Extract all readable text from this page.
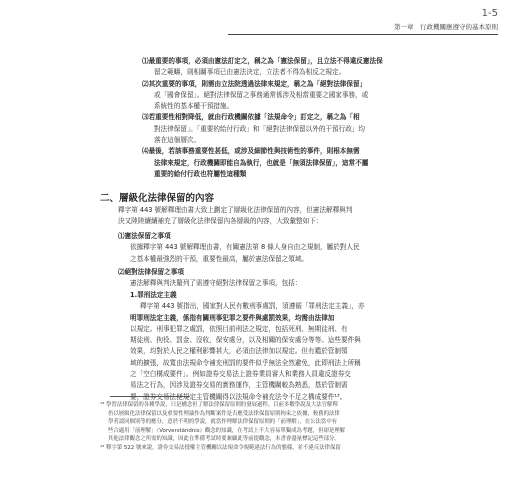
1-5
第一章　行政機關應遵守的基本原則
⑴最重要的事項，必須由憲法訂定之，稱之為「憲法保留」，且立法不得違反憲法保
留之範疇，則相關事項已由憲法決定，立法者不得為相反之規定。
⑵其次重要的事項，則需由立法院透過法律來規定，稱之為「絕對法律保留」
或「國會保留」。絕對法律保留之事務通常係涉及相當重要之國家事務，或
系統性的基本權干預措施。
⑶若重要性相對降低，就由行政機關依據「法規命令」訂定之，稱之為「相
對法律保留」。「重要的給付行政」和「絕對法律保留以外的干預行政」均
落在這個層次。
⑷最後，若該事務重要性甚低，或涉及細節性與技術性的事件，則根本無需
法律來規定，行政機關即能自為執行，也就是「無須法律保留」，這常不屬
重要的給付行政也符屬性這種類
二、層級化法律保留的內容
釋字第 443 號解釋理由書大致上劃定了層級化法律保留的內容，但憲法解釋與判
決又陸陸續續補充了層級化法律保留內各層級的內容，大致彙整如下：
⑴憲法保留之事項
依據釋字第 443 號解釋理由書，有關憲法第 8 條人身自由之規制，屬於對人民
之基本權最強烈的干預，重要性最高，屬於憲法保留之領域。
⑵絕對法律保留之事項
憲法解釋與判決釐列了需遵守絕對法律保留之事項，包括：
1.罪刑法定主義
釋字第 443 號指出，國家對人民有數刑事處罰，須遵循「罪刑法定主義」，亦
明罪刑法定主義，係指有關刑事犯罪之要件與處罰效果，均需由法律加
以規定。刑事犯罪之處罰，依照目前刑法之規定，包括死刑、無期徒刑、有
期徒刑、拘役、罰金、沒收，保安處分，以及相關的保安處分等等。這些要件與
效果，均對於人民之權利影響甚大，必須由法律加以規定。但有鑑於管制領
域的擴張，故寬由法規命令補充刑罰的要件似乎無法全然避免，此即刑法上所稱
之「空白構成要件」。例如證券交易法上證券業員審人和業務人員違反證券交
易法之行為，因涉及證券交易的實務運作，主管機關較為熟悉，基於管制需
要，證券交易法便規定主管機關得以法規命令補充法令不足之構成要件¹³。
¹³ 學習法律保留的各種學說，只是構念但了解法律保留原則的發展過程。目前多數學說及大法官解釋
仍以層級化法律保留以及重要性理論作為判斷案件是否應受法律保留原則拘束之依據，較舊的法律
學者認同個別等的應分，意於不明的學說，就當作理解法律保留原則的「前理解」，在公法當中有
些合適用「前理解」（Vorverständnis）觀念的知識，在考試上不大容易單獨成為考題，但卻是理解
其他法律觀念之所需的知識，因此在準備考試時要兼顧此等前提觀念，本書會盡量標記這些部分。
¹⁴ 釋字第 522 號來說，證券交易法授權主管機關以法規命令規範違法行為的態樣，並不違反法律保留
